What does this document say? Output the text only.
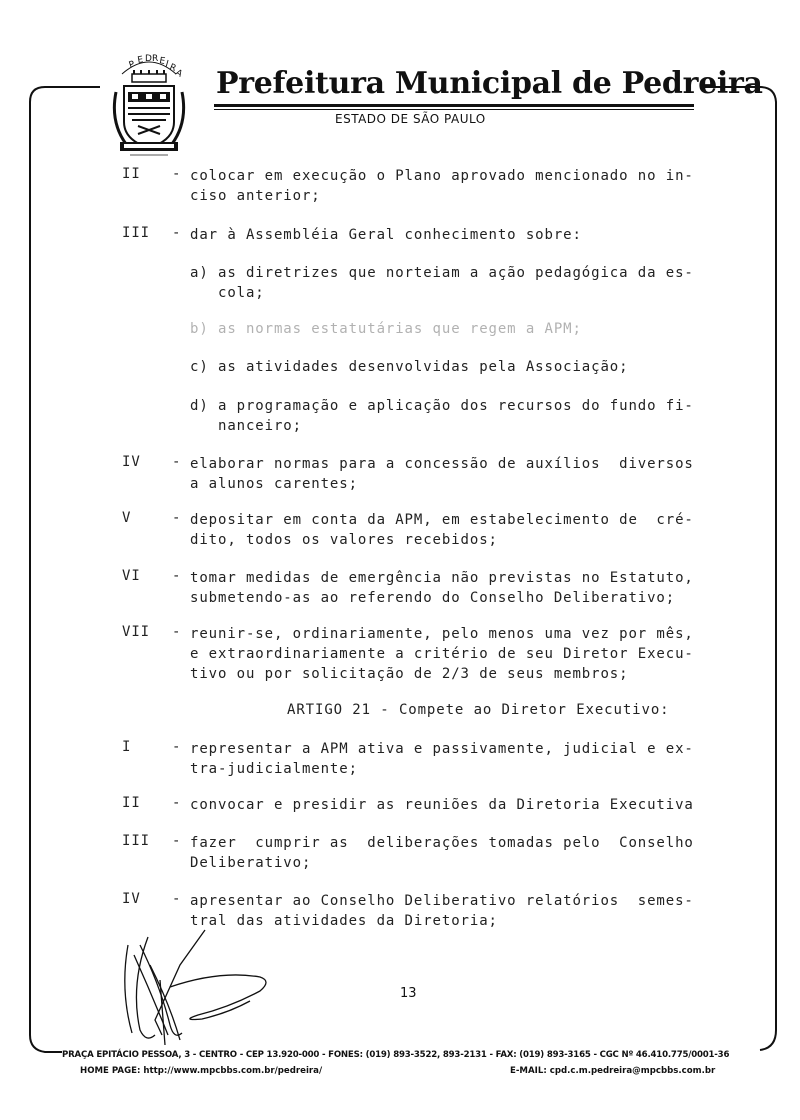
P E D R E
I
R
A Prefeitura Municipal de Pedreira
ESTADO DE SÃO PAULO
II - colocar em execução o Plano aprovado mencionado no in-
ciso anterior;
III - dar à Assembléia Geral conhecimento sobre:
a) as diretrizes que norteiam a ação pedagógica da es-
cola;
b) as normas estatutárias que regem a APM;
c) as atividades desenvolvidas pela Associação;
d) a programação e aplicação dos recursos do fundo fi-
nanceiro;
IV - elaborar normas para a concessão de auxílios  diversos
a alunos carentes;
V	- depositar em conta da APM, em estabelecimento de  cré-
dito, todos os valores recebidos;
VI - tomar medidas de emergência não previstas no Estatuto,
submetendo-as ao referendo do Conselho Deliberativo;
VII - reunir-se, ordinariamente, pelo menos uma vez por mês,
e extraordinariamente a critério de seu Diretor Execu-
tivo ou por solicitação de 2/3 de seus membros;
ARTIGO 21 - Compete ao Diretor Executivo:
I	- representar a APM ativa e passivamente, judicial e ex-
tra-judicialmente;
II - convocar e presidir as reuniões da Diretoria Executiva
III - fazer  cumprir as  deliberações tomadas pelo  Conselho
Deliberativo;
IV - apresentar ao Conselho Deliberativo relatórios  semes-
tral das atividades da Diretoria;
13
PRAÇA EPITÁCIO PESSOA, 3 - CENTRO - CEP 13.920-000 - FONES: (019) 893-3522, 893-2131 - FAX: (019) 893-3165 - CGC Nº 46.410.775/0001-36
HOME PAGE: http://www.mpcbbs.com.br/pedreira/	E-MAIL: cpd.c.m.pedreira@mpcbbs.com.br
